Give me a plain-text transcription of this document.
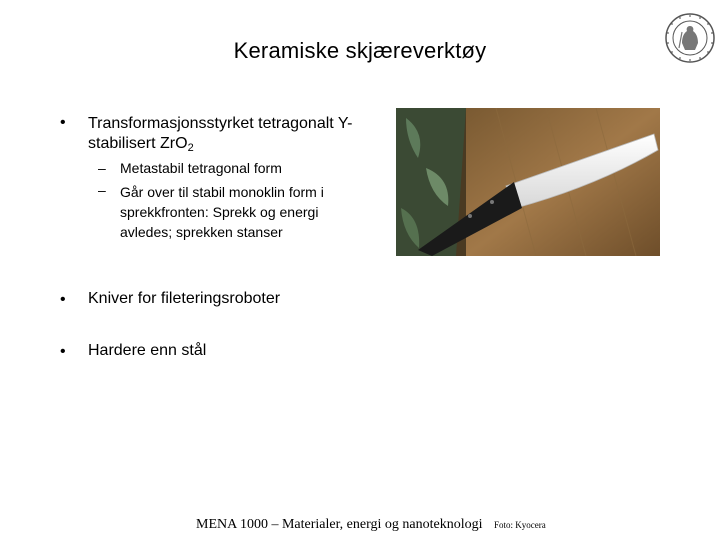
Keramiske skjæreverktøy
• Transformasjonsstyrket tetragonalt Y-stabilisert ZrO$_2$
– Metastabil tetragonal form
– Går over til stabil monoklin form i sprekkfronten: Sprekk og energi avledes; sprekken stanser
• Kniver for fileteringsroboter
• Hardere enn stål
MENA 1000 – Materialer, energi og nanoteknologi Foto: Kyocera
